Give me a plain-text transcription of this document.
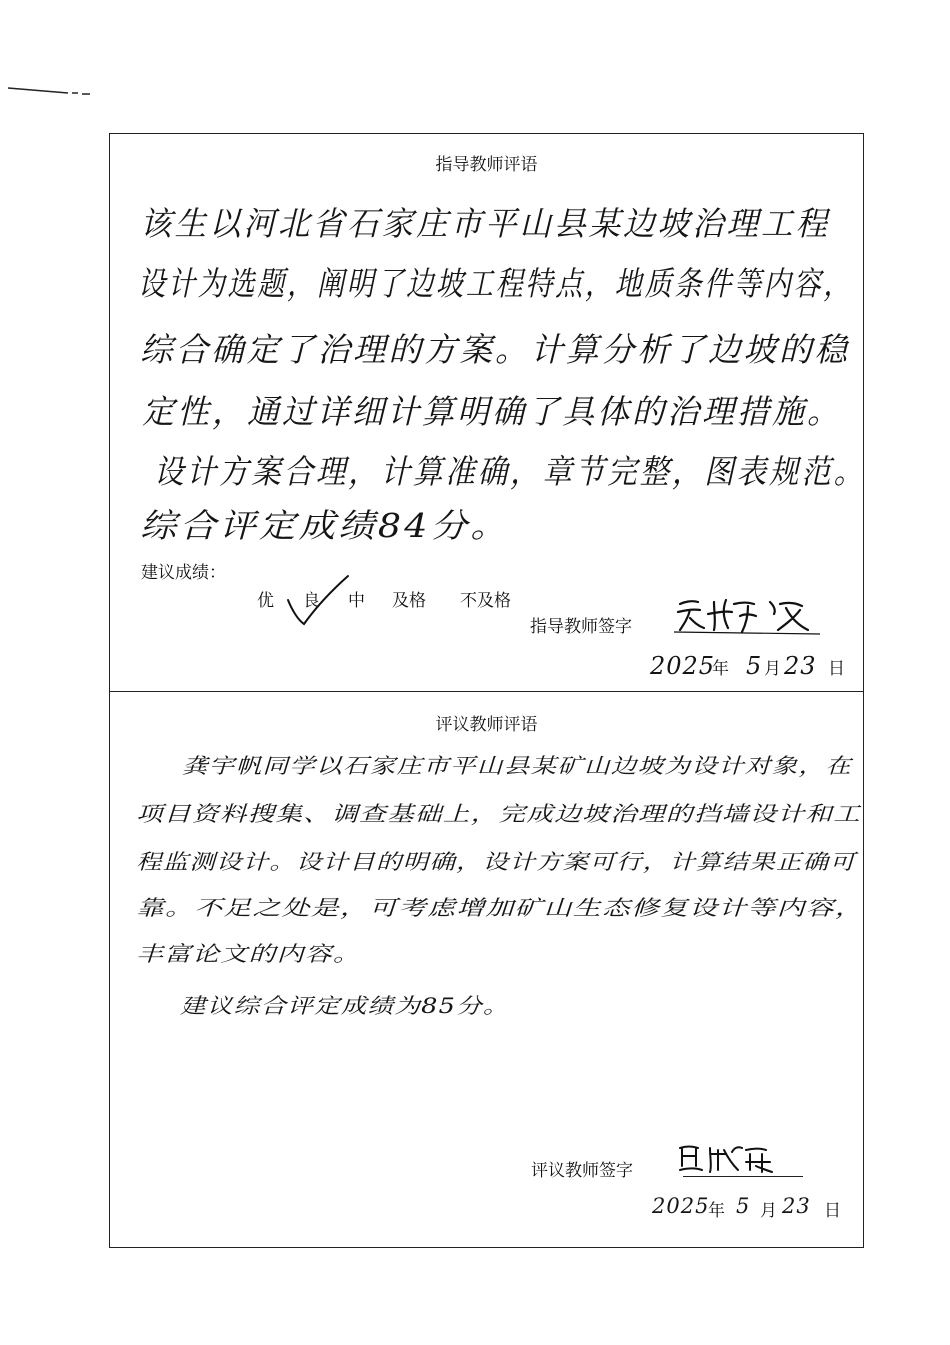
指导教师评语
该生以河北省石家庄市平山县某边坡治理工程
设计为选题，阐明了边坡工程特点，地质条件等内容，
综合确定了治理的方案。计算分析了边坡的稳
定性，通过详细计算明确了具体的治理措施。
设计方案合理，计算准确，章节完整，图表规范。
综合评定成绩84分。
建议成绩：
优 良 中 及格 不及格
指导教师签字
2025
年 5 月 23 日
评议教师评语
龚宇帆同学以石家庄市平山县某矿山边坡为设计对象，在
项目资料搜集、调查基础上，完成边坡治理的挡墙设计和工
程监测设计。设计目的明确，设计方案可行，计算结果正确可
靠。不足之处是，可考虑增加矿山生态修复设计等内容，
丰富论文的内容。
建议综合评定成绩为85分。
评议教师签字
2025
年 5 月 23 日
